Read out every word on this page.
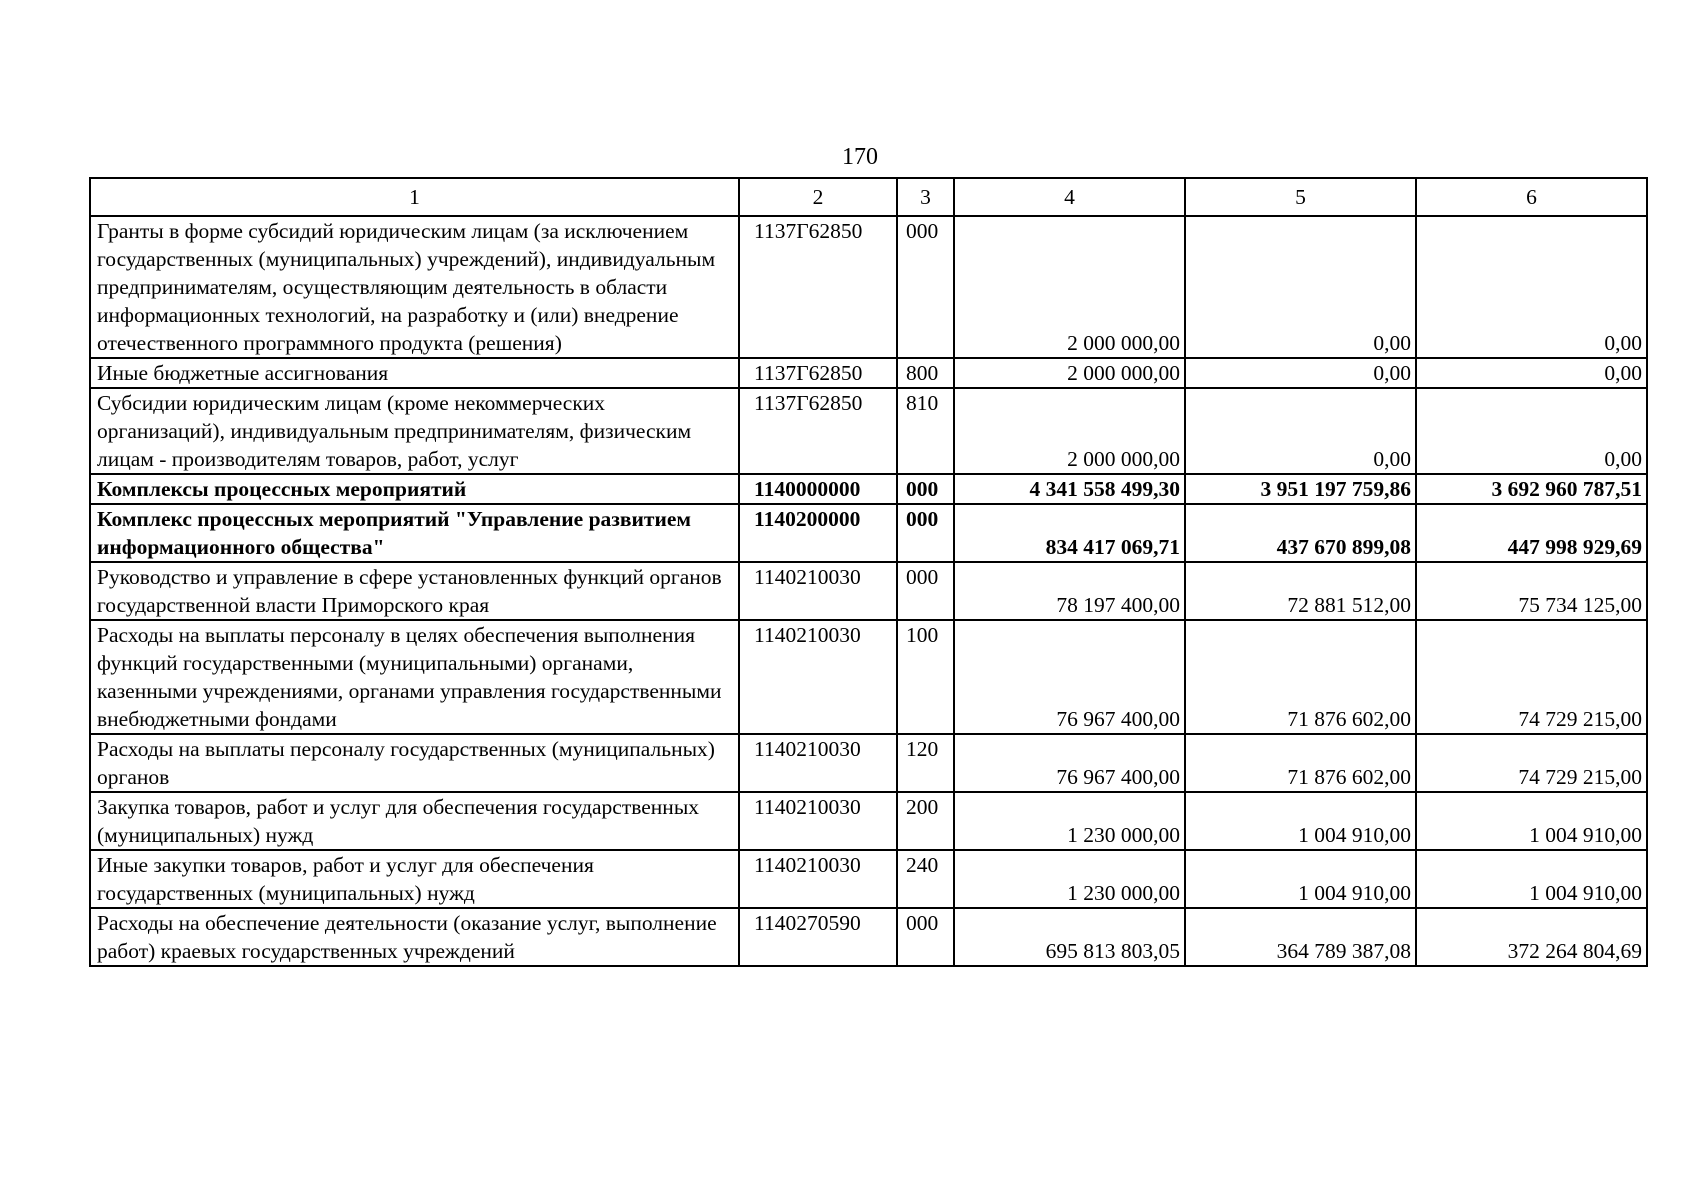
170
1	2	3	4	5	6
Гранты в форме субсидий юридическим лицам (за исключением государственных (муниципальных) учреждений), индивидуальным предпринимателям, осуществляющим деятельность в области информационных технологий, на разработку и (или) внедрение отечественного программного продукта (решения)	1137Г62850	000	2 000 000,00	0,00	0,00
Иные бюджетные ассигнования	1137Г62850	800	2 000 000,00	0,00	0,00
Субсидии юридическим лицам (кроме некоммерческих организаций), индивидуальным предпринимателям, физическим лицам - производителям товаров, работ, услуг	1137Г62850	810	2 000 000,00	0,00	0,00
Комплексы процессных мероприятий	1140000000	000	4 341 558 499,30	3 951 197 759,86	3 692 960 787,51
Комплекс процессных мероприятий "Управление развитием информационного общества"	1140200000	000	834 417 069,71	437 670 899,08	447 998 929,69
Руководство и управление в сфере установленных функций органов государственной власти Приморского края	1140210030	000	78 197 400,00	72 881 512,00	75 734 125,00
Расходы на выплаты персоналу в целях обеспечения выполнения функций государственными (муниципальными) органами, казенными учреждениями, органами управления государственными внебюджетными фондами	1140210030	100	76 967 400,00	71 876 602,00	74 729 215,00
Расходы на выплаты персоналу государственных (муниципальных) органов	1140210030	120	76 967 400,00	71 876 602,00	74 729 215,00
Закупка товаров, работ и услуг для обеспечения государственных (муниципальных) нужд	1140210030	200	1 230 000,00	1 004 910,00	1 004 910,00
Иные закупки товаров, работ и услуг для обеспечения государственных (муниципальных) нужд	1140210030	240	1 230 000,00	1 004 910,00	1 004 910,00
Расходы на обеспечение деятельности (оказание услуг, выполнение работ) краевых государственных учреждений	1140270590	000	695 813 803,05	364 789 387,08	372 264 804,69
